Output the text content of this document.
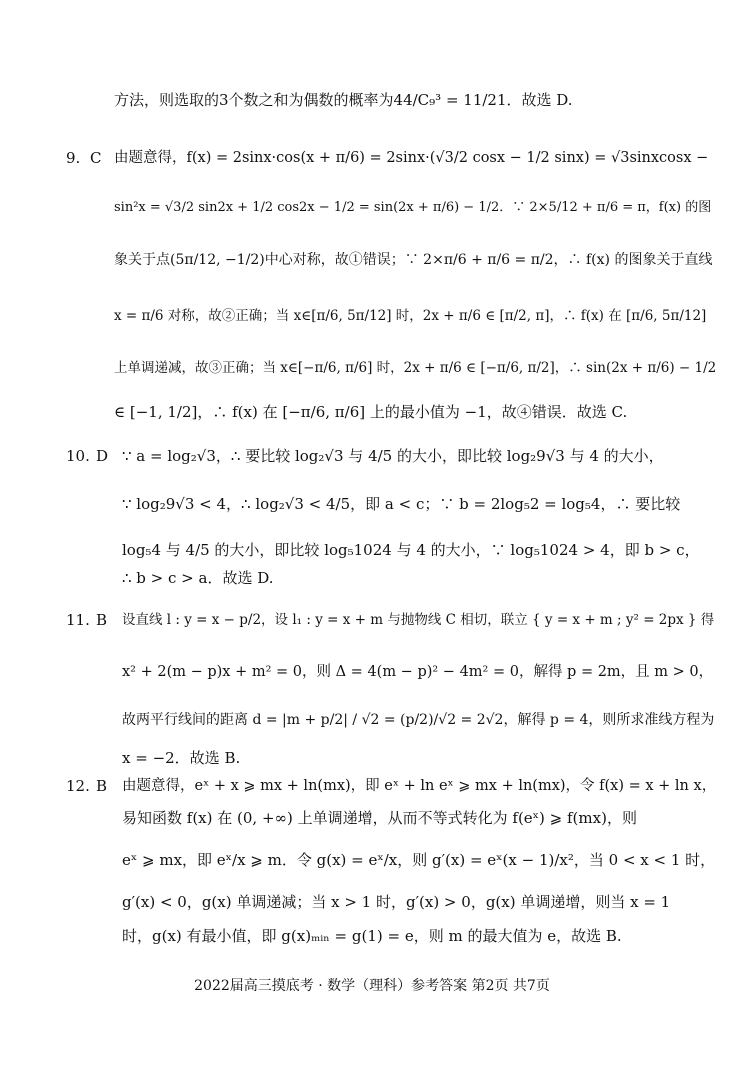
方法，则选取的3个数之和为偶数的概率为44/C₉³ = 11/21．故选 D.
9. C 由题意得，f(x) = 2sinx·cos(x + π/6) = 2sinx·(√3/2 cosx − 1/2 sinx) = √3sinxcosx −
sin²x = √3/2 sin2x + 1/2 cos2x − 1/2 = sin(2x + π/6) − 1/2．∵ 2×5/12 + π/6 = π，f(x) 的图
象关于点(5π/12, −1/2)中心对称，故①错误；∵ 2×π/6 + π/6 = π/2，∴ f(x) 的图象关于直线
x = π/6 对称，故②正确；当 x∈[π/6, 5π/12] 时，2x + π/6 ∈ [π/2, π]，∴ f(x) 在 [π/6, 5π/12]
上单调递减，故③正确；当 x∈[−π/6, π/6] 时，2x + π/6 ∈ [−π/6, π/2]，∴ sin(2x + π/6) − 1/2
∈ [−1, 1/2]，∴ f(x) 在 [−π/6, π/6] 上的最小值为 −1，故④错误．故选 C.
10. D ∵ a = log₂√3，∴ 要比较 log₂√3 与 4/5 的大小，即比较 log₂9√3 与 4 的大小，
∵ log₂9√3 < 4，∴ log₂√3 < 4/5，即 a < c；∵ b = 2log₅2 = log₅4，∴ 要比较
log₅4 与 4/5 的大小，即比较 log₅1024 与 4 的大小，∵ log₅1024 > 4，即 b > c，
∴ b > c > a．故选 D.
11. B 设直线 l : y = x − p/2，设 l₁ : y = x + m 与抛物线 C 相切，联立 { y = x + m ; y² = 2px } 得
x² + 2(m − p)x + m² = 0，则 Δ = 4(m − p)² − 4m² = 0，解得 p = 2m，且 m > 0，
故两平行线间的距离 d = |m + p/2| / √2 = (p/2)/√2 = 2√2，解得 p = 4，则所求准线方程为
x = −2．故选 B.
12. B 由题意得，eˣ + x ⩾ mx + ln(mx)，即 eˣ + ln eˣ ⩾ mx + ln(mx)，令 f(x) = x + ln x，
易知函数 f(x) 在 (0, +∞) 上单调递增，从而不等式转化为 f(eˣ) ⩾ f(mx)，则
eˣ ⩾ mx，即 eˣ/x ⩾ m．令 g(x) = eˣ/x，则 g′(x) = eˣ(x − 1)/x²，当 0 < x < 1 时，
g′(x) < 0，g(x) 单调递减；当 x > 1 时，g′(x) > 0，g(x) 单调递增，则当 x = 1
时，g(x) 有最小值，即 g(x)ₘᵢₙ = g(1) = e，则 m 的最大值为 e，故选 B.
2022届高三摸底考 · 数学（理科）参考答案 第2页 共7页
